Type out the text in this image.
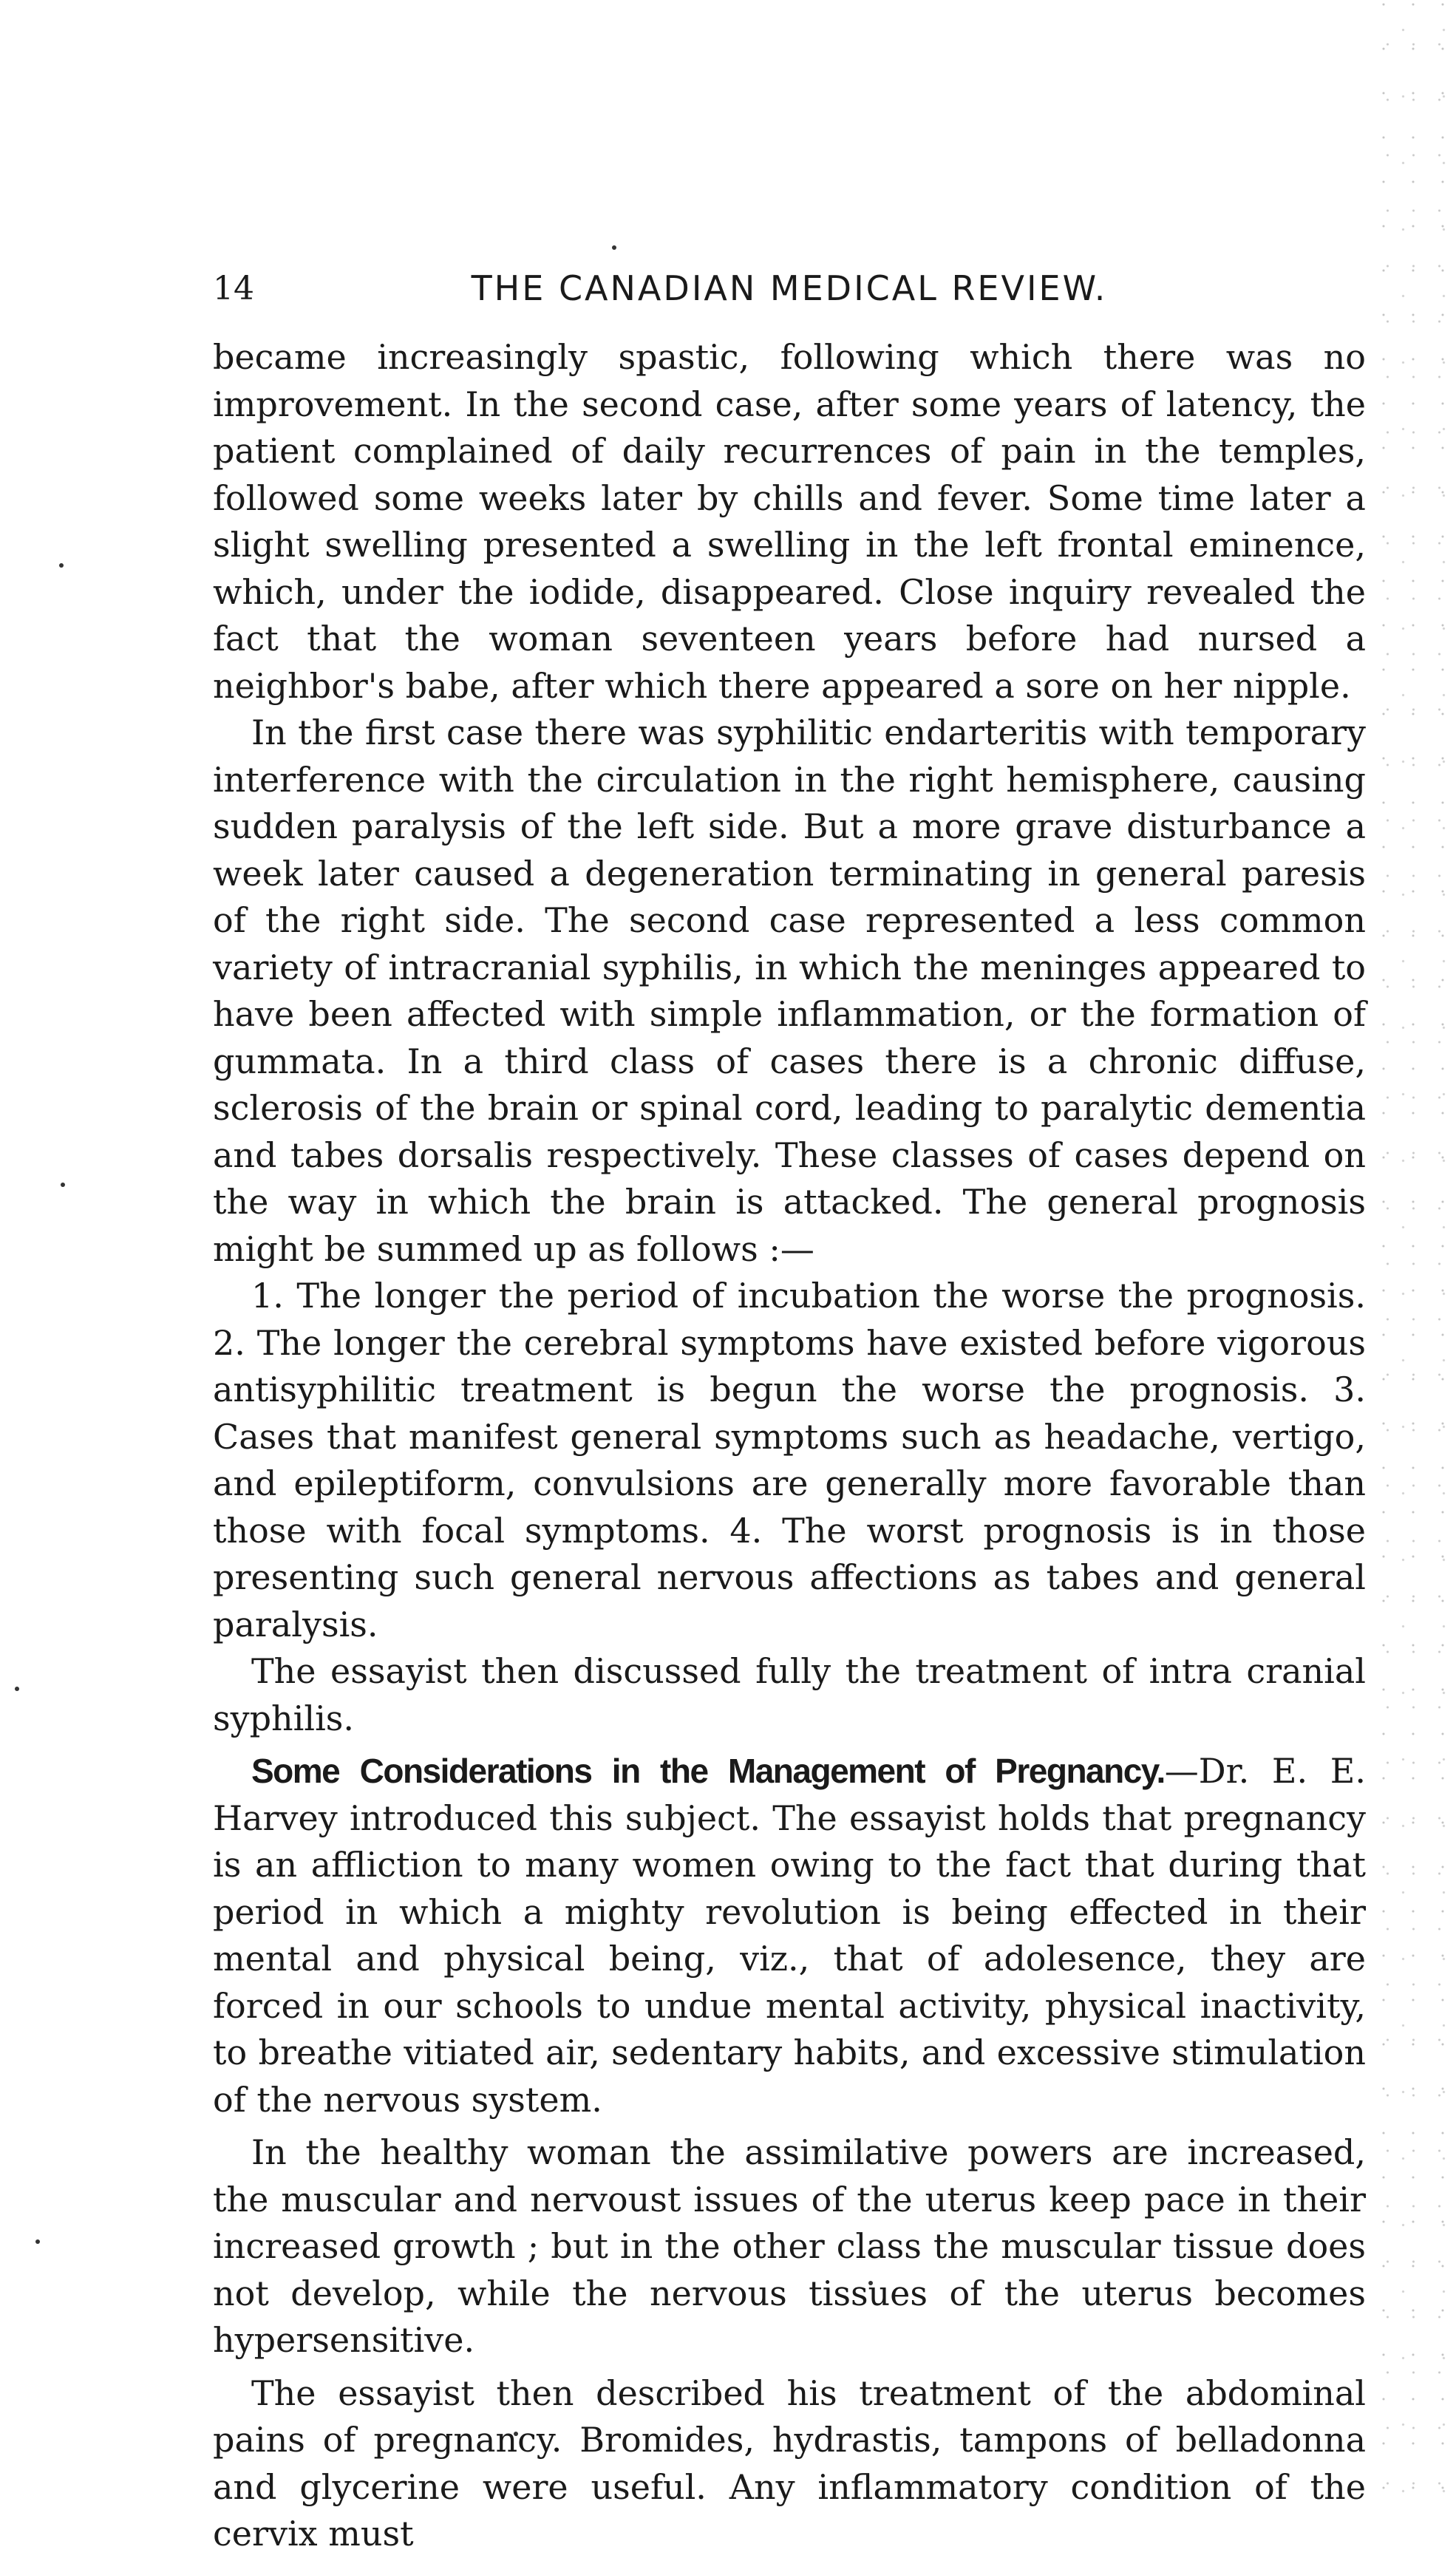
14	THE CANADIAN MEDICAL REVIEW.

became increasingly spastic, following which there was no improvement. In the second case, after some years of latency, the patient complained of daily recurrences of pain in the temples, followed some weeks later by chills and fever. Some time later a slight swelling presented a swelling in the left frontal eminence, which, under the iodide, disappeared. Close inquiry revealed the fact that the woman seventeen years before had nursed a neighbor's babe, after which there appeared a sore on her nipple.

In the first case there was syphilitic endarteritis with temporary interference with the circulation in the right hemisphere, causing sudden paralysis of the left side. But a more grave disturbance a week later caused a degeneration terminating in general paresis of the right side. The second case represented a less common variety of intracranial syphilis, in which the meninges appeared to have been affected with simple inflammation, or the formation of gummata. In a third class of cases there is a chronic diffuse, sclerosis of the brain or spinal cord, leading to paralytic dementia and tabes dorsalis respectively. These classes of cases depend on the way in which the brain is attacked. The general prognosis might be summed up as follows :—

1. The longer the period of incubation the worse the prognosis. 2. The longer the cerebral symptoms have existed before vigorous antisyphilitic treatment is begun the worse the prognosis. 3. Cases that manifest general symptoms such as headache, vertigo, and epileptiform, convulsions are generally more favorable than those with focal symptoms. 4. The worst prognosis is in those presenting such general nervous affections as tabes and general paralysis.

The essayist then discussed fully the treatment of intra cranial syphilis.

Some Considerations in the Management of Pregnancy.—Dr. E. E. Harvey introduced this subject. The essayist holds that pregnancy is an affliction to many women owing to the fact that during that period in which a mighty revolution is being effected in their mental and physical being, viz., that of adolesence, they are forced in our schools to undue mental activity, physical inactivity, to breathe vitiated air, sedentary habits, and excessive stimulation of the nervous system.

In the healthy woman the assimilative powers are increased, the muscular and nervoust issues of the uterus keep pace in their increased growth ; but in the other class the muscular tissue does not develop, while the nervous tissues of the uterus becomes hypersensitive.

The essayist then described his treatment of the abdominal pains of pregnancy. Bromides, hydrastis, tampons of belladonna and glycerine were useful. Any inflammatory condition of the cervix must
